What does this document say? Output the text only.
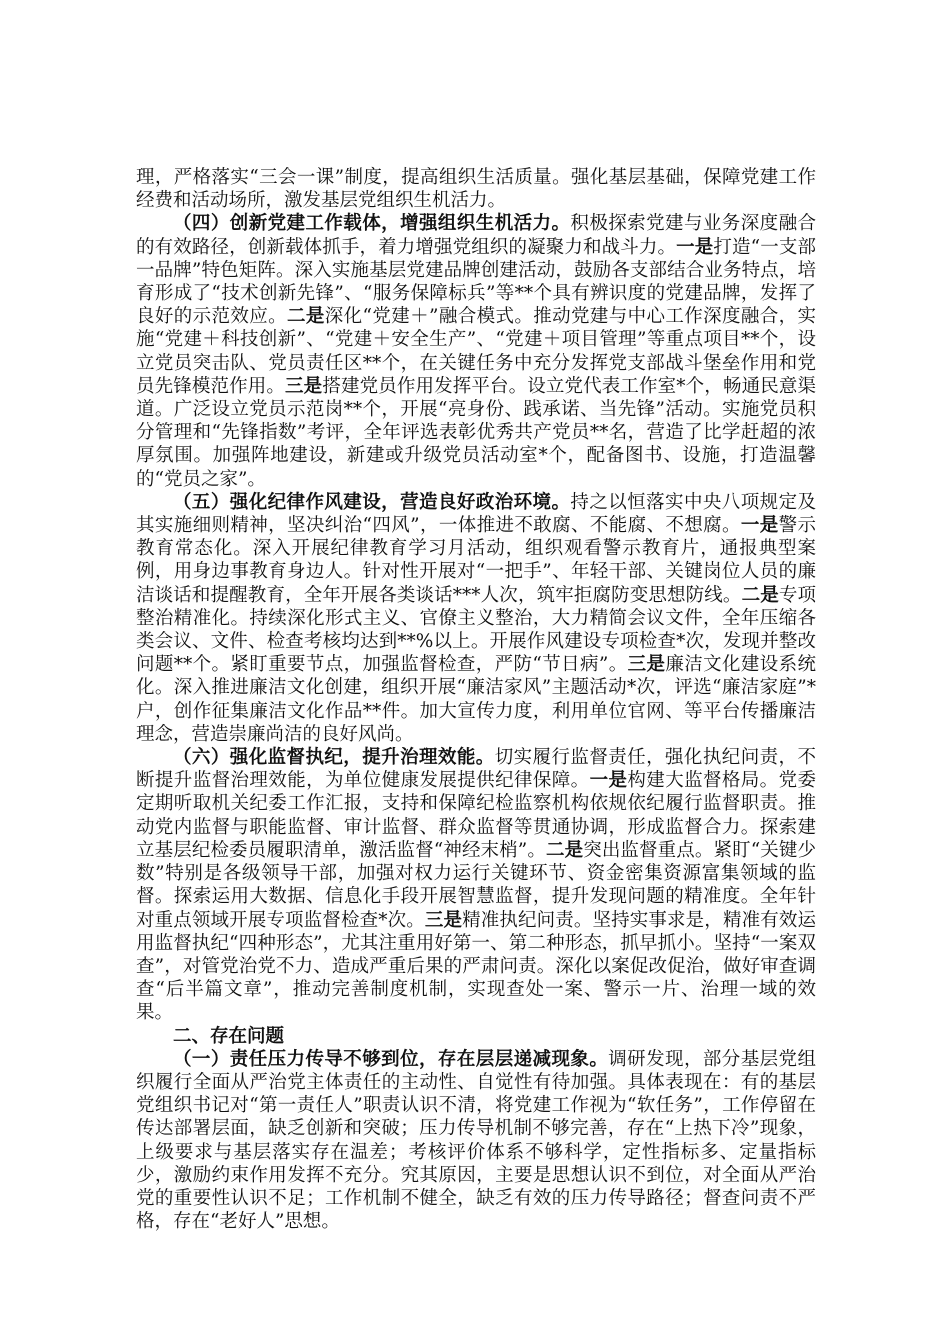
理，严格落实“三会一课”制度，提高组织生活质量。强化基层基础，保障党建工作经费和活动场所，激发基层党组织生机活力。

（四）创新党建工作载体，增强组织生机活力。积极探索党建与业务深度融合的有效路径，创新载体抓手，着力增强党组织的凝聚力和战斗力。一是打造“一支部一品牌”特色矩阵。深入实施基层党建品牌创建活动，鼓励各支部结合业务特点，培育形成了“技术创新先锋”、“服务保障标兵”等**个具有辨识度的党建品牌，发挥了良好的示范效应。二是深化“党建＋”融合模式。推动党建与中心工作深度融合，实施“党建＋科技创新”、“党建＋安全生产”、“党建＋项目管理”等重点项目**个，设立党员突击队、党员责任区**个，在关键任务中充分发挥党支部战斗堡垒作用和党员先锋模范作用。三是搭建党员作用发挥平台。设立党代表工作室*个，畅通民意渠道。广泛设立党员示范岗**个，开展“亮身份、践承诺、当先锋”活动。实施党员积分管理和“先锋指数”考评，全年评选表彰优秀共产党员**名，营造了比学赶超的浓厚氛围。加强阵地建设，新建或升级党员活动室*个，配备图书、设施，打造温馨的“党员之家”。

（五）强化纪律作风建设，营造良好政治环境。持之以恒落实中央八项规定及其实施细则精神，坚决纠治“四风”，一体推进不敢腐、不能腐、不想腐。一是警示教育常态化。深入开展纪律教育学习月活动，组织观看警示教育片，通报典型案例，用身边事教育身边人。针对性开展对“一把手”、年轻干部、关键岗位人员的廉洁谈话和提醒教育，全年开展各类谈话***人次，筑牢拒腐防变思想防线。二是专项整治精准化。持续深化形式主义、官僚主义整治，大力精简会议文件，全年压缩各类会议、文件、检查考核均达到**%以上。开展作风建设专项检查*次，发现并整改问题**个。紧盯重要节点，加强监督检查，严防“节日病”。三是廉洁文化建设系统化。深入推进廉洁文化创建，组织开展“廉洁家风”主题活动*次，评选“廉洁家庭”*户，创作征集廉洁文化作品**件。加大宣传力度，利用单位官网、等平台传播廉洁理念，营造崇廉尚洁的良好风尚。

（六）强化监督执纪，提升治理效能。切实履行监督责任，强化执纪问责，不断提升监督治理效能，为单位健康发展提供纪律保障。一是构建大监督格局。党委定期听取机关纪委工作汇报，支持和保障纪检监察机构依规依纪履行监督职责。推动党内监督与职能监督、审计监督、群众监督等贯通协调，形成监督合力。探索建立基层纪检委员履职清单，激活监督“神经末梢”。二是突出监督重点。紧盯“关键少数”特别是各级领导干部，加强对权力运行关键环节、资金密集资源富集领域的监督。探索运用大数据、信息化手段开展智慧监督，提升发现问题的精准度。全年针对重点领域开展专项监督检查*次。三是精准执纪问责。坚持实事求是，精准有效运用监督执纪“四种形态”，尤其注重用好第一、第二种形态，抓早抓小。坚持“一案双查”，对管党治党不力、造成严重后果的严肃问责。深化以案促改促治，做好审查调查“后半篇文章”，推动完善制度机制，实现查处一案、警示一片、治理一域的效果。

二、存在问题

（一）责任压力传导不够到位，存在层层递减现象。调研发现，部分基层党组织履行全面从严治党主体责任的主动性、自觉性有待加强。具体表现在：有的基层党组织书记对“第一责任人”职责认识不清，将党建工作视为“软任务”，工作停留在传达部署层面，缺乏创新和突破；压力传导机制不够完善，存在“上热下冷”现象，上级要求与基层落实存在温差；考核评价体系不够科学，定性指标多、定量指标少，激励约束作用发挥不充分。究其原因，主要是思想认识不到位，对全面从严治党的重要性认识不足；工作机制不健全，缺乏有效的压力传导路径；督查问责不严格，存在“老好人”思想。
